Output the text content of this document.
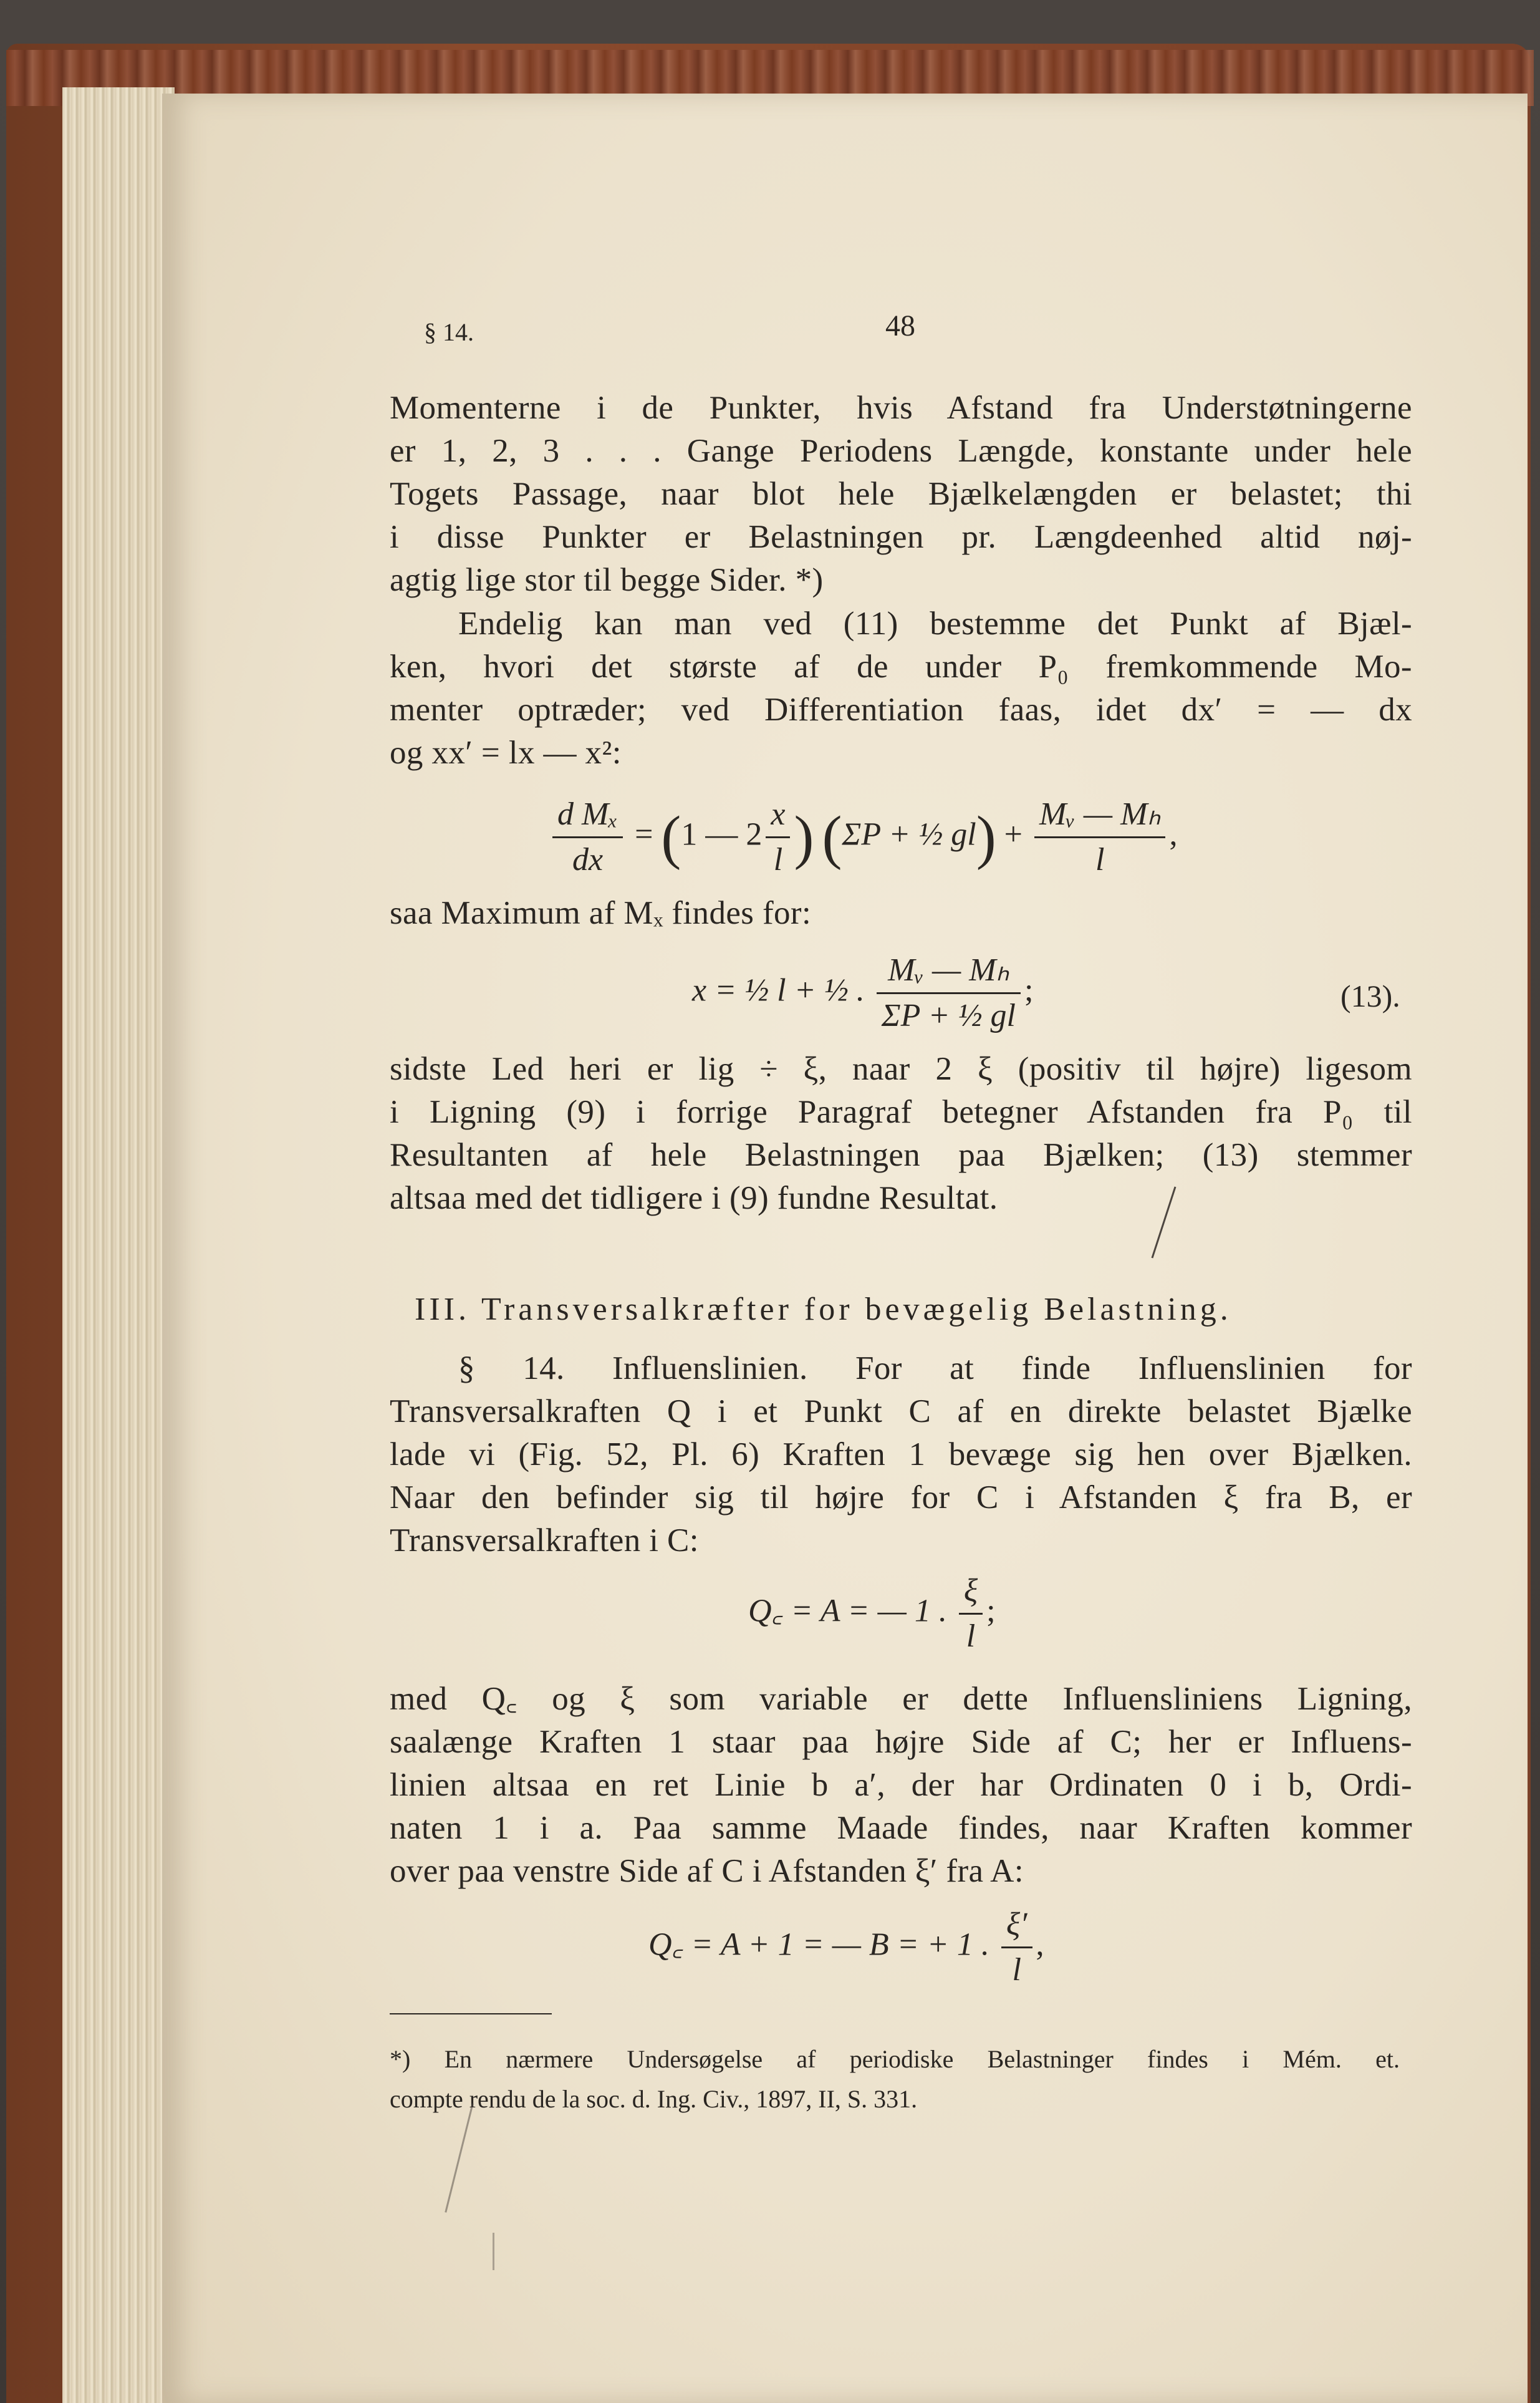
§ 14.	48
Momenterne i de Punkter, hvis Afstand fra Understøtningerne
er 1, 2, 3 . . . Gange Periodens Længde, konstante under hele
Togets Passage, naar blot hele Bjælkelængden er belastet; thi
i disse Punkter er Belastningen pr. Længdeenhed altid nøj-
agtig lige stor til begge Sider. *)
Endelig kan man ved (11) bestemme det Punkt af Bjæl-
ken, hvori det største af de under P₀ fremkommende Mo-
menter optræder; ved Differentiation faas, idet dx′ = — dx
og xx′ = lx — x²:
$\frac{\text{d Mₓ}}{dx} = (1$ — $2 \frac{x}{l}$ ) (ΣP + ½ $gl) + \frac{\text{Mᵥ — Mₕ}}{l}$ ,
saa Maximum af Mₓ findes for:
x = ½ l + ½ . $\frac{\text{Mᵥ — Mₕ}}{\text{ΣP + ½ gl}}$ ;	(13).
sidste Led heri er lig ÷ ξ, naar 2 ξ (positiv til højre) ligesom
i Ligning (9) i forrige Paragraf betegner Afstanden fra P₀ til
Resultanten af hele Belastningen paa Bjælken; (13) stemmer
altsaa med det tidligere i (9) fundne Resultat.
III. Transversalkræfter for bevægelig Belastning.
§ 14. Influenslinien. For at finde Influenslinien for
Transversalkraften Q i et Punkt C af en direkte belastet Bjælke
lade vi (Fig. 52, Pl. 6) Kraften 1 bevæge sig hen over Bjælken.
Naar den befinder sig til højre for C i Afstanden ξ fra B, er
Transversalkraften i C:
Q꜀ = A = — 1 . $\frac{\xi}{l}$ ;
med Q꜀ og ξ som variable er dette Influensliniens Ligning,
saalænge Kraften 1 staar paa højre Side af C; her er Influens-
linien altsaa en ret Linie b a′, der har Ordinaten 0 i b, Ordi-
naten 1 i a. Paa samme Maade findes, naar Kraften kommer
over paa venstre Side af C i Afstanden ξ′ fra A:
Q꜀ = A + 1 = — B = + 1 . $\frac{\xi'}{l}$ ,
*) En nærmere Undersøgelse af periodiske Belastninger findes i Mém. et.
compte rendu de la soc. d. Ing. Civ., 1897, II, S. 331.
